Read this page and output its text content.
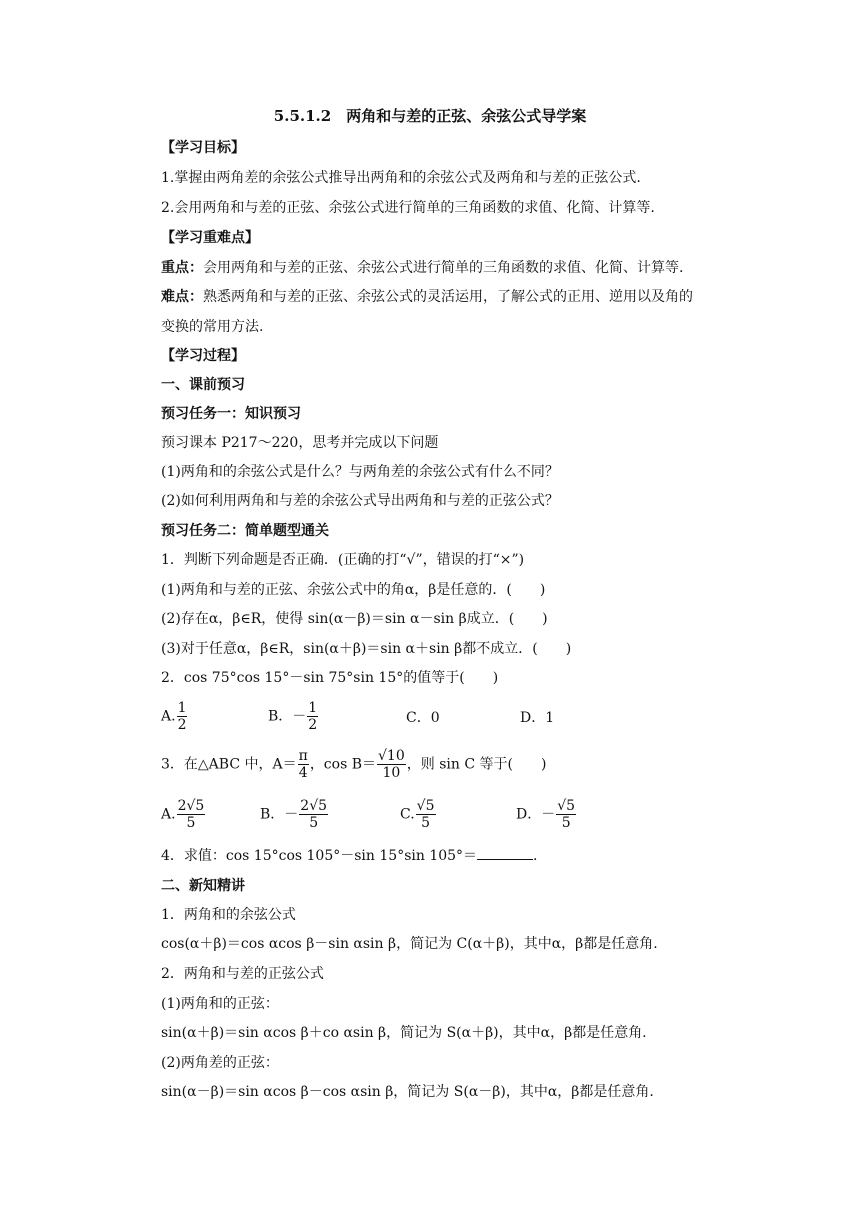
5.5.1.2　两角和与差的正弦、余弦公式导学案
【学习目标】
1.掌握由两角差的余弦公式推导出两角和的余弦公式及两角和与差的正弦公式.
2.会用两角和与差的正弦、余弦公式进行简单的三角函数的求值、化简、计算等.
【学习重难点】
重点：会用两角和与差的正弦、余弦公式进行简单的三角函数的求值、化简、计算等.
难点：熟悉两角和与差的正弦、余弦公式的灵活运用，了解公式的正用、逆用以及角的
变换的常用方法.
【学习过程】
一、课前预习
预习任务一：知识预习
预习课本 P217～220，思考并完成以下问题
(1)两角和的余弦公式是什么？与两角差的余弦公式有什么不同？
(2)如何利用两角和与差的余弦公式导出两角和与差的正弦公式？
预习任务二：简单题型通关
1．判断下列命题是否正确．(正确的打“√”，错误的打“×”)
(1)两角和与差的正弦、余弦公式中的角α，β是任意的．(　　)
(2)存在α，β∈R，使得 sin(α－β)＝sin α－sin β成立．(　　)
(3)对于任意α，β∈R，sin(α＋β)＝sin α＋sin β都不成立．(　　)
2．cos 75°cos 15°－sin 75°sin 15°的值等于(　　)
A. $\frac{1}{2}$	B．－ $\frac{1}{2}$	C．0	D．1
3．在△ABC 中，$A= \frac{\pi}{4}$ ，$\cos B= \frac{√10}{10}$ ，则 sin C 等于(　　)
A. $\frac{2√5}{5}$	B．－ $\frac{2√5}{5}$	C. $\frac{√5}{5}$	D．－ $\frac{√5}{5}$
4．求值：cos 15°cos 105°－sin 15°sin 105°＝	.
二、新知精讲
1．两角和的余弦公式
cos(α＋β)＝cos αcos β－sin αsin β，简记为 C(α＋β)，其中α，β都是任意角.
2．两角和与差的正弦公式
(1)两角和的正弦：
sin(α＋β)＝sin αcos β＋co αsin β，简记为 S(α＋β)，其中α，β都是任意角.
(2)两角差的正弦：
sin(α－β)＝sin αcos β－cos αsin β，简记为 S(α－β)，其中α，β都是任意角.
